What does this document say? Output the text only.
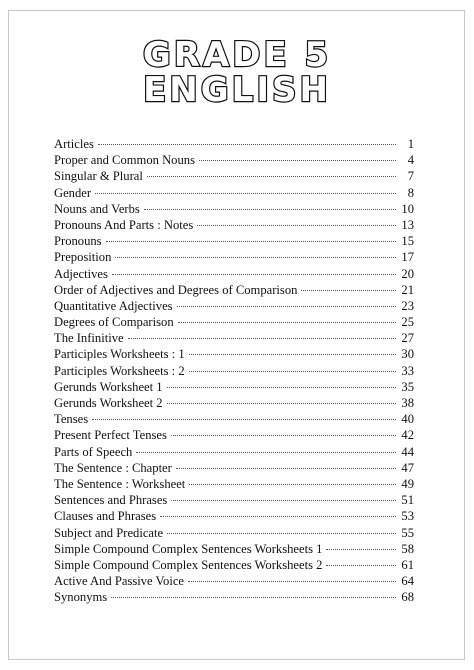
GRADE 5
ENGLISH
Articles	1
Proper and Common Nouns	4
Singular & Plural	7
Gender	8
Nouns and Verbs	10
Pronouns And Parts : Notes	13
Pronouns	15
Preposition	17
Adjectives	20
Order of Adjectives and Degrees of Comparison	21
Quantitative Adjectives	23
Degrees of Comparison	25
The Infinitive	27
Participles Worksheets : 1	30
Participles Worksheets : 2	33
Gerunds Worksheet 1	35
Gerunds Worksheet 2	38
Tenses	40
Present Perfect Tenses	42
Parts of Speech	44
The Sentence : Chapter	47
The Sentence : Worksheet	49
Sentences and Phrases	51
Clauses and Phrases	53
Subject and Predicate	55
Simple Compound Complex Sentences Worksheets 1	58
Simple Compound Complex Sentences Worksheets 2	61
Active And Passive Voice	64
Synonyms	68
